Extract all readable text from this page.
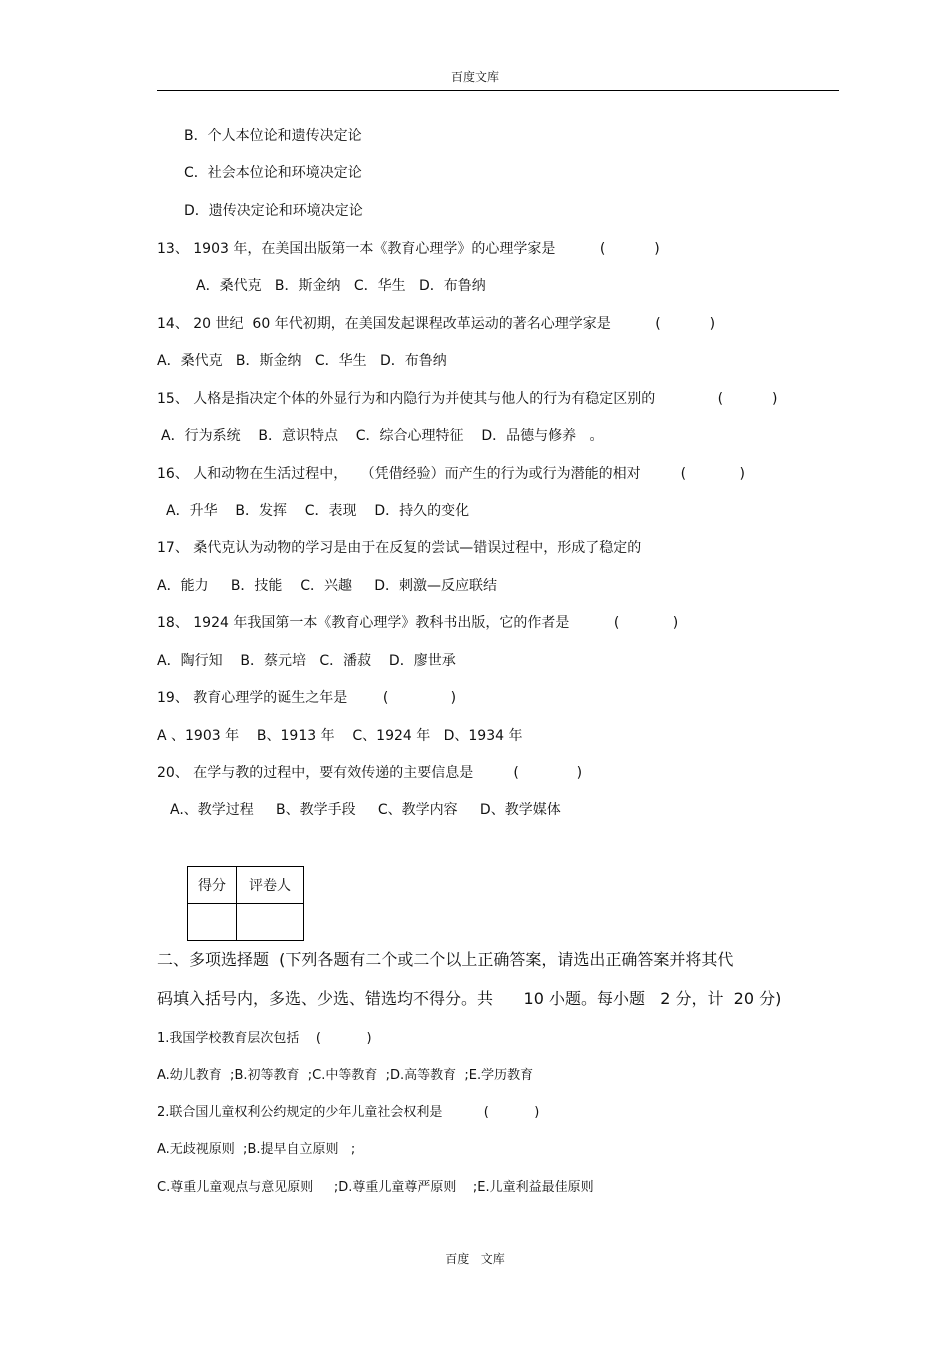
百度文库
B．个人本位论和遗传决定论
C．社会本位论和环境决定论
D．遗传决定论和环境决定论
13、 1903 年，在美国出版第一本《教育心理学》的心理学家是          (           )
A．桑代克   B．斯金纳   C．华生   D．布鲁纳
14、 20 世纪  60 年代初期，在美国发起课程改革运动的著名心理学家是          (           )
A．桑代克   B．斯金纳   C．华生   D．布鲁纳
15、 人格是指决定个体的外显行为和内隐行为并使其与他人的行为有稳定区别的              (           )
A．行为系统    B．意识特点    C．综合心理特征    D．品德与修养   。
16、 人和动物在生活过程中，   （凭借经验）而产生的行为或行为潜能的相对         (            )
A．升华    B．发挥    C．表现    D．持久的变化
17、 桑代克认为动物的学习是由于在反复的尝试—错误过程中，形成了稳定的
A．能力     B．技能    C．兴趣     D．刺激—反应联结
18、 1924 年我国第一本《教育心理学》教科书出版，它的作者是          (            )
A．陶行知    B．蔡元培   C．潘菽    D．廖世承
19、 教育心理学的诞生之年是        (              )
A 、1903 年    B、1913 年    C、1924 年   D、1934 年
20、 在学与教的过程中，要有效传递的主要信息是         (             )
A.、教学过程     B、教学手段     C、教学内容     D、教学媒体
得分	评卷人

二、多项选择题  (下列各题有二个或二个以上正确答案，请选出正确答案并将其代
码填入括号内，多选、少选、错选均不得分。共      10 小题。每小题   2 分，计  20 分)
1.我国学校教育层次包括    (           )
A.幼儿教育  ;B.初等教育  ;C.中等教育  ;D.高等教育  ;E.学历教育
2.联合国儿童权利公约规定的少年儿童社会权利是          (           )
A.无歧视原则  ;B.提早自立原则   ;
C.尊重儿童观点与意见原则     ;D.尊重儿童尊严原则    ;E.儿童利益最佳原则
百度   文库
